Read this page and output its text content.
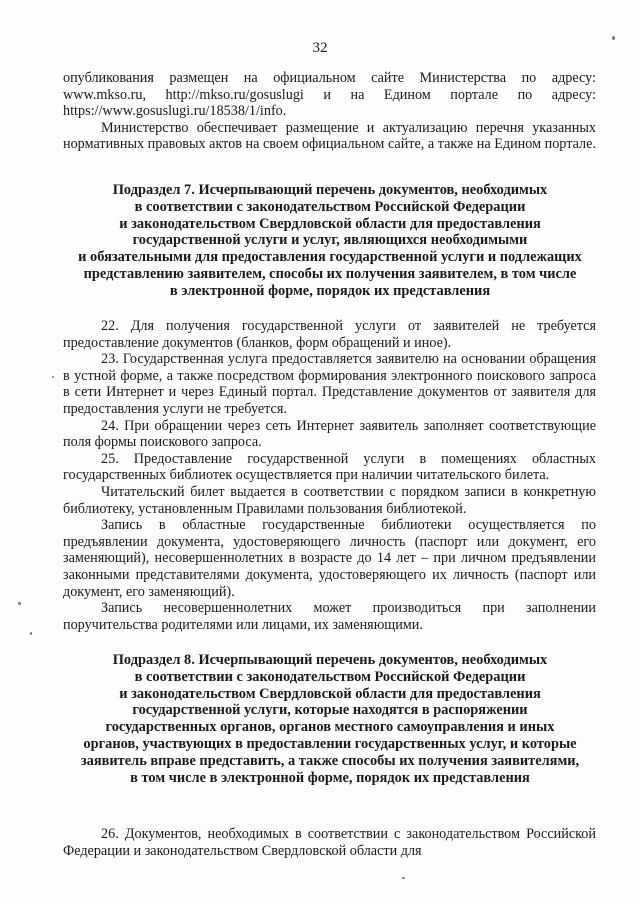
32

опубликования размещен на официальном сайте Министерства по адресу: www.mkso.ru, http://mkso.ru/gosuslugi и на Едином портале по адресу: https://www.gosuslugi.ru/18538/1/info.

Министерство обеспечивает размещение и актуализацию перечня указанных нормативных правовых актов на своем официальном сайте, а также на Едином портале.

Подраздел 7. Исчерпывающий перечень документов, необходимых
в соответствии с законодательством Российской Федерации
и законодательством Свердловской области для предоставления
государственной услуги и услуг, являющихся необходимыми
и обязательными для предоставления государственной услуги и подлежащих
представлению заявителем, способы их получения заявителем, в том числе
в электронной форме, порядок их представления

22. Для получения государственной услуги от заявителей не требуется предоставление документов (бланков, форм обращений и иное).

23. Государственная услуга предоставляется заявителю на основании обращения в устной форме, а также посредством формирования электронного поискового запроса в сети Интернет и через Единый портал. Представление документов от заявителя для предоставления услуги не требуется.

24. При обращении через сеть Интернет заявитель заполняет соответствующие поля формы поискового запроса.

25. Предоставление государственной услуги в помещениях областных государственных библиотек осуществляется при наличии читательского билета.

Читательский билет выдается в соответствии с порядком записи в конкретную библиотеку, установленным Правилами пользования библиотекой.

Запись в областные государственные библиотеки осуществляется по предъявлении документа, удостоверяющего личность (паспорт или документ, его заменяющий), несовершеннолетних в возрасте до 14 лет – при личном предъявлении законными представителями документа, удостоверяющего их личность (паспорт или документ, его заменяющий).

Запись несовершеннолетних может производиться при заполнении поручительства родителями или лицами, их заменяющими.

Подраздел 8. Исчерпывающий перечень документов, необходимых
в соответствии с законодательством Российской Федерации
и законодательством Свердловской области для предоставления
государственной услуги, которые находятся в распоряжении
государственных органов, органов местного самоуправления и иных
органов, участвующих в предоставлении государственных услуг, и которые
заявитель вправе представить, а также способы их получения заявителями,
в том числе в электронной форме, порядок их представления

26. Документов, необходимых в соответствии с законодательством Российской Федерации и законодательством Свердловской области для
